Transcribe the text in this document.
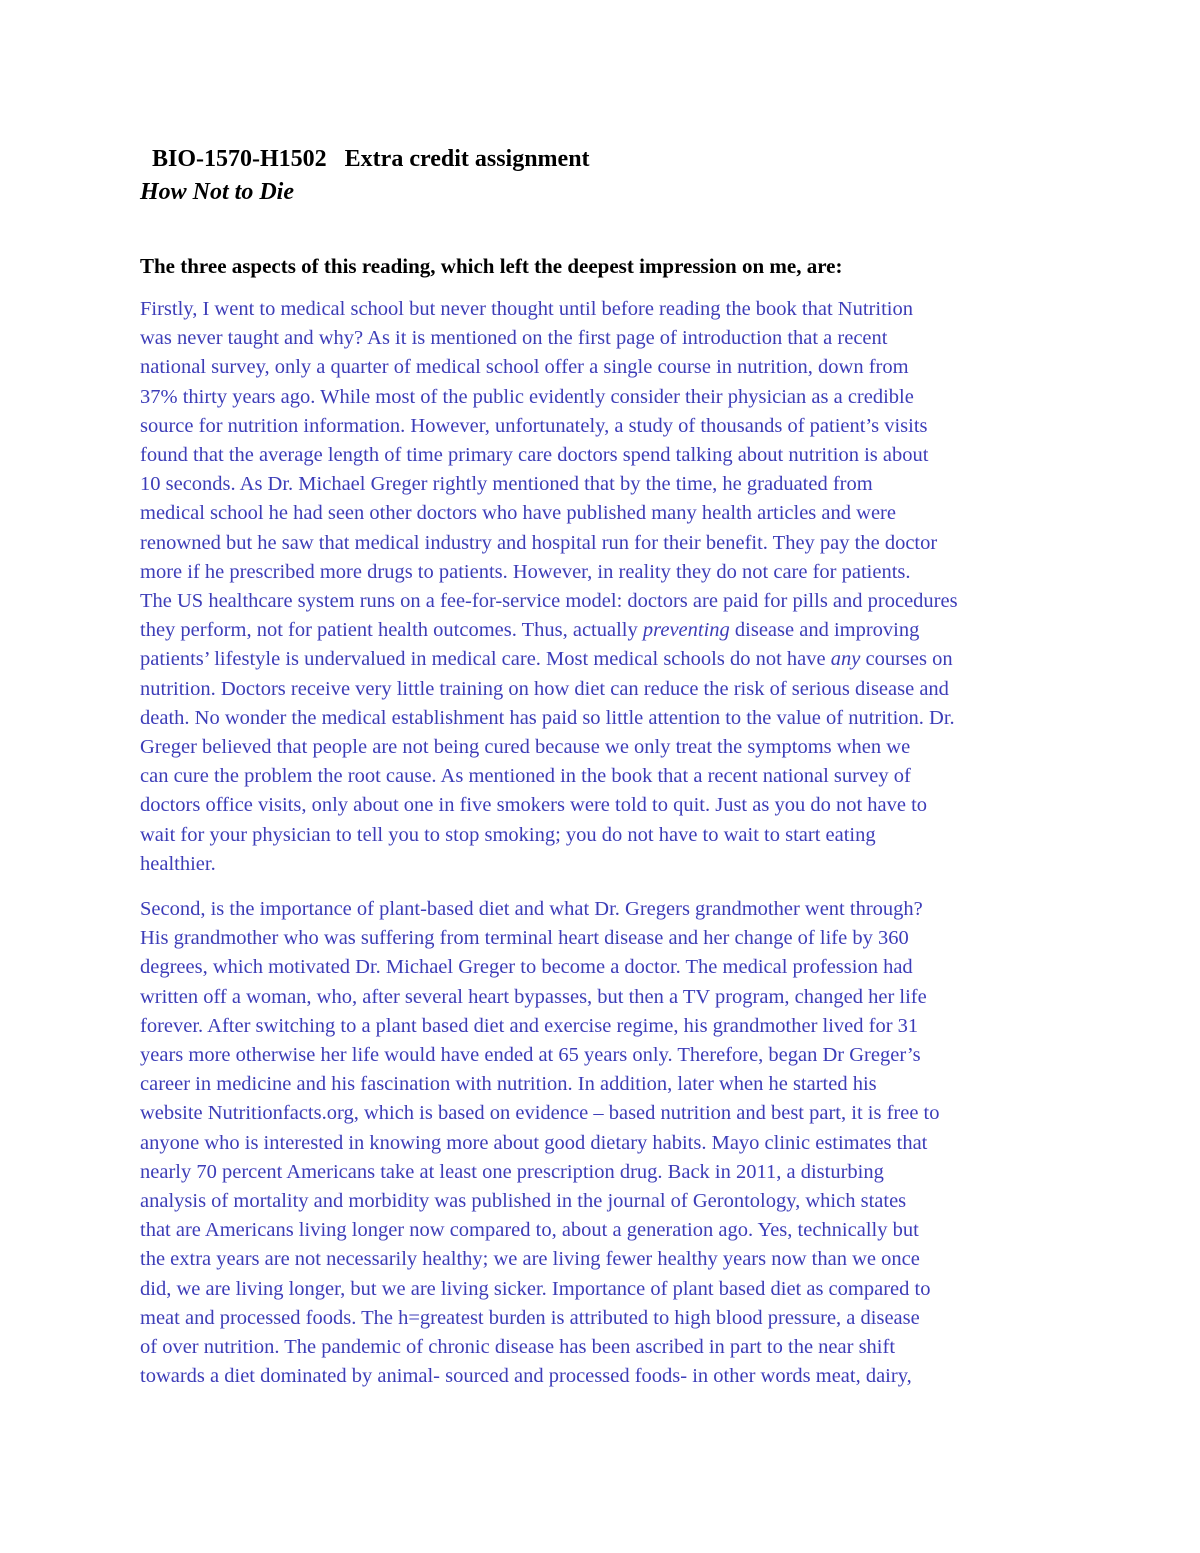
BIO-1570-H1502   Extra credit assignment
How Not to Die
The three aspects of this reading, which left the deepest impression on me, are:
Firstly, I went to medical school but never thought until before reading the book that Nutrition
was never taught and why? As it is mentioned on the first page of introduction that a recent
national survey, only a quarter of medical school offer a single course in nutrition, down from
37% thirty years ago. While most of the public evidently consider their physician as a credible
source for nutrition information. However, unfortunately, a study of thousands of patient’s visits
found that the average length of time primary care doctors spend talking about nutrition is about
10 seconds. As Dr. Michael Greger rightly mentioned that by the time, he graduated from
medical school he had seen other doctors who have published many health articles and were
renowned but he saw that medical industry and hospital run for their benefit. They pay the doctor
more if he prescribed more drugs to patients. However, in reality they do not care for patients.
The US healthcare system runs on a fee-for-service model: doctors are paid for pills and procedures
they perform, not for patient health outcomes. Thus, actually preventing disease and improving
patients’ lifestyle is undervalued in medical care. Most medical schools do not have any courses on
nutrition. Doctors receive very little training on how diet can reduce the risk of serious disease and
death. No wonder the medical establishment has paid so little attention to the value of nutrition. Dr.
Greger believed that people are not being cured because we only treat the symptoms when we
can cure the problem the root cause. As mentioned in the book that a recent national survey of
doctors office visits, only about one in five smokers were told to quit. Just as you do not have to
wait for your physician to tell you to stop smoking; you do not have to wait to start eating
healthier.
Second, is the importance of plant-based diet and what Dr. Gregers grandmother went through?
His grandmother who was suffering from terminal heart disease and her change of life by 360
degrees, which motivated Dr. Michael Greger to become a doctor. The medical profession had
written off a woman, who, after several heart bypasses, but then a TV program, changed her life
forever. After switching to a plant based diet and exercise regime, his grandmother lived for 31
years more otherwise her life would have ended at 65 years only. Therefore, began Dr Greger’s
career in medicine and his fascination with nutrition. In addition, later when he started his
website Nutritionfacts.org, which is based on evidence – based nutrition and best part, it is free to
anyone who is interested in knowing more about good dietary habits. Mayo clinic estimates that
nearly 70 percent Americans take at least one prescription drug. Back in 2011, a disturbing
analysis of mortality and morbidity was published in the journal of Gerontology, which states
that are Americans living longer now compared to, about a generation ago. Yes, technically but
the extra years are not necessarily healthy; we are living fewer healthy years now than we once
did, we are living longer, but we are living sicker. Importance of plant based diet as compared to
meat and processed foods. The h=greatest burden is attributed to high blood pressure, a disease
of over nutrition. The pandemic of chronic disease has been ascribed in part to the near shift
towards a diet dominated by animal- sourced and processed foods- in other words meat, dairy,
